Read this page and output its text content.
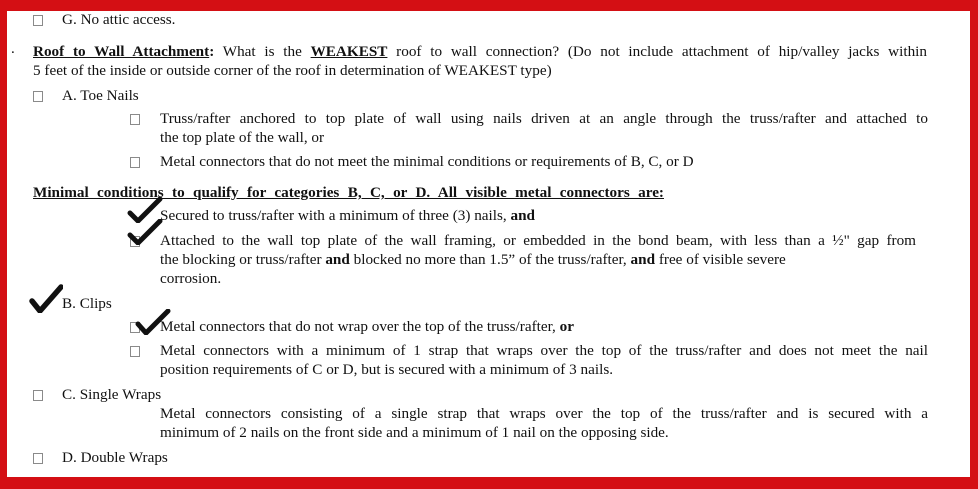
G. No attic access.
. Roof to Wall Attachment: What is the WEAKEST roof to wall connection? (Do not include attachment of hip/valley jacks within
5 feet of the inside or outside corner of the roof in determination of WEAKEST type)
A. Toe Nails
Truss/rafter anchored to top plate of wall using nails driven at an angle through the truss/rafter and attached to
the top plate of the wall, or
Metal connectors that do not meet the minimal conditions or requirements of B, C, or D
Minimal conditions to qualify for categories B, C, or D. All visible metal connectors are:
Secured to truss/rafter with a minimum of three (3) nails, and
Attached to the wall top plate of the wall framing, or embedded in the bond beam, with less than a ½" gap from
the blocking or truss/rafter and blocked no more than 1.5” of the truss/rafter, and free of visible severe
corrosion.
B. Clips
Metal connectors that do not wrap over the top of the truss/rafter, or
Metal connectors with a minimum of 1 strap that wraps over the top of the truss/rafter and does not meet the nail
position requirements of C or D, but is secured with a minimum of 3 nails.
C. Single Wraps
Metal connectors consisting of a single strap that wraps over the top of the truss/rafter and is secured with a
minimum of 2 nails on the front side and a minimum of 1 nail on the opposing side.
D. Double Wraps
